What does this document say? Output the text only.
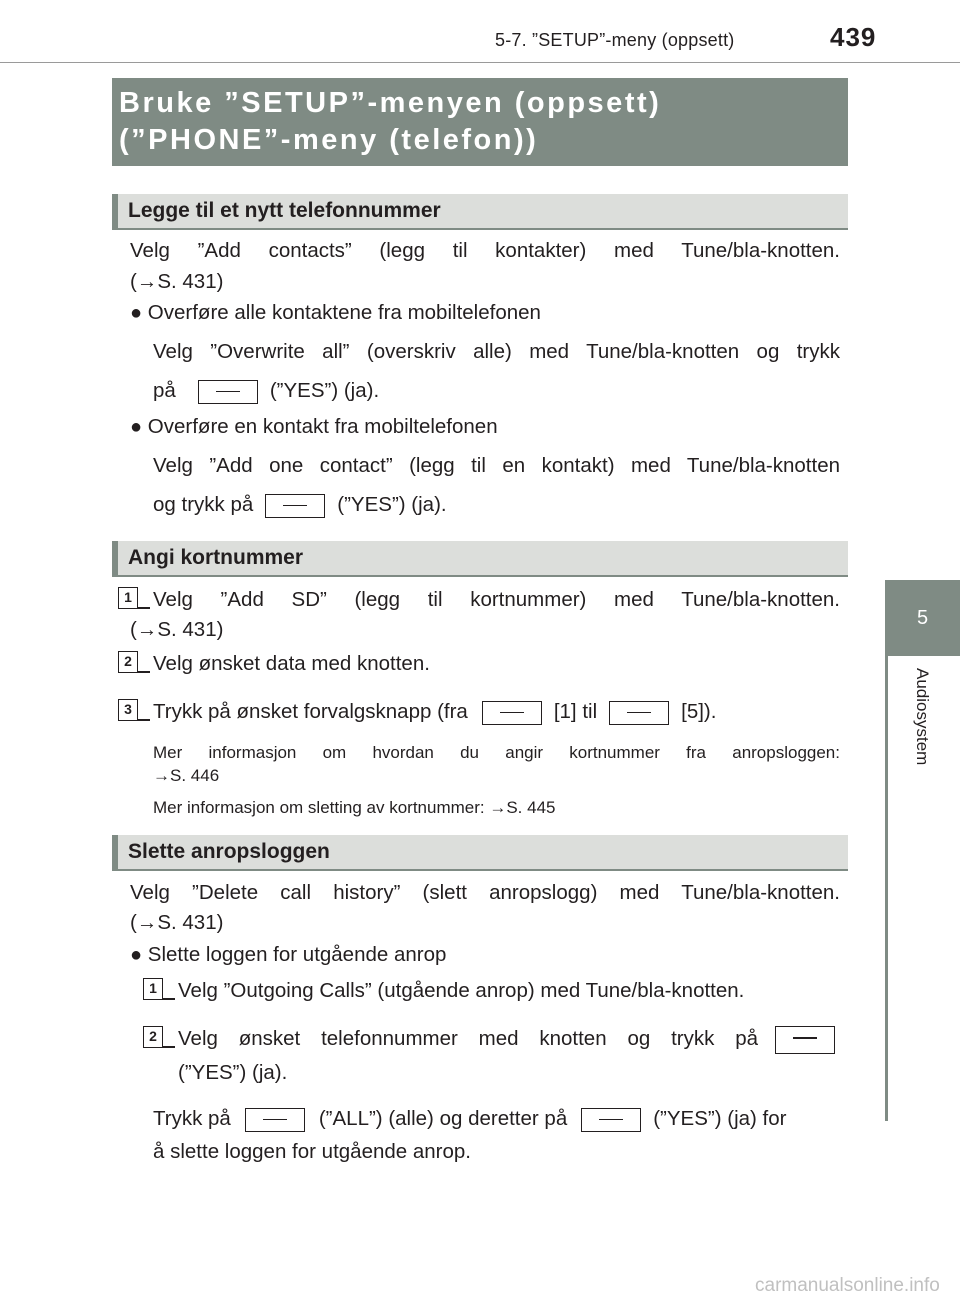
5-7. ”SETUP”-meny (oppsett)	439
5
Audiosystem
Bruke ”SETUP”-menyen (oppsett)
(”PHONE”-meny (telefon))
Legge til et nytt telefonnummer
Velg ”Add contacts” (legg til kontakter) med Tune/bla-knotten.
(→S. 431)
● Overføre alle kontaktene fra mobiltelefonen
Velg ”Overwrite all” (overskriv alle) med Tune/bla-knotten og trykk
på	(”YES”) (ja).
● Overføre en kontakt fra mobiltelefonen
Velg ”Add one contact” (legg til en kontakt) med Tune/bla-knotten
og trykk på	(”YES”) (ja).
Angi kortnummer
1 Velg ”Add SD” (legg til kortnummer) med Tune/bla-knotten.
(→S. 431)
2 Velg ønsket data med knotten.
3 Trykk på ønsket forvalgsknapp (fra	[1] til	[5]).
Mer informasjon om hvordan du angir kortnummer fra anropsloggen:
→S. 446
Mer informasjon om sletting av kortnummer: →S. 445
Slette anropsloggen
Velg ”Delete call history” (slett anropslogg) med Tune/bla-knotten.
(→S. 431)
● Slette loggen for utgående anrop
1 Velg ”Outgoing Calls” (utgående anrop) med Tune/bla-knotten.
2 Velg ønsket telefonnummer med knotten og trykk på
(”YES”) (ja).
Trykk på	(”ALL”) (alle) og deretter på	(”YES”) (ja) for
å slette loggen for utgående anrop.
carmanualsonline.info
